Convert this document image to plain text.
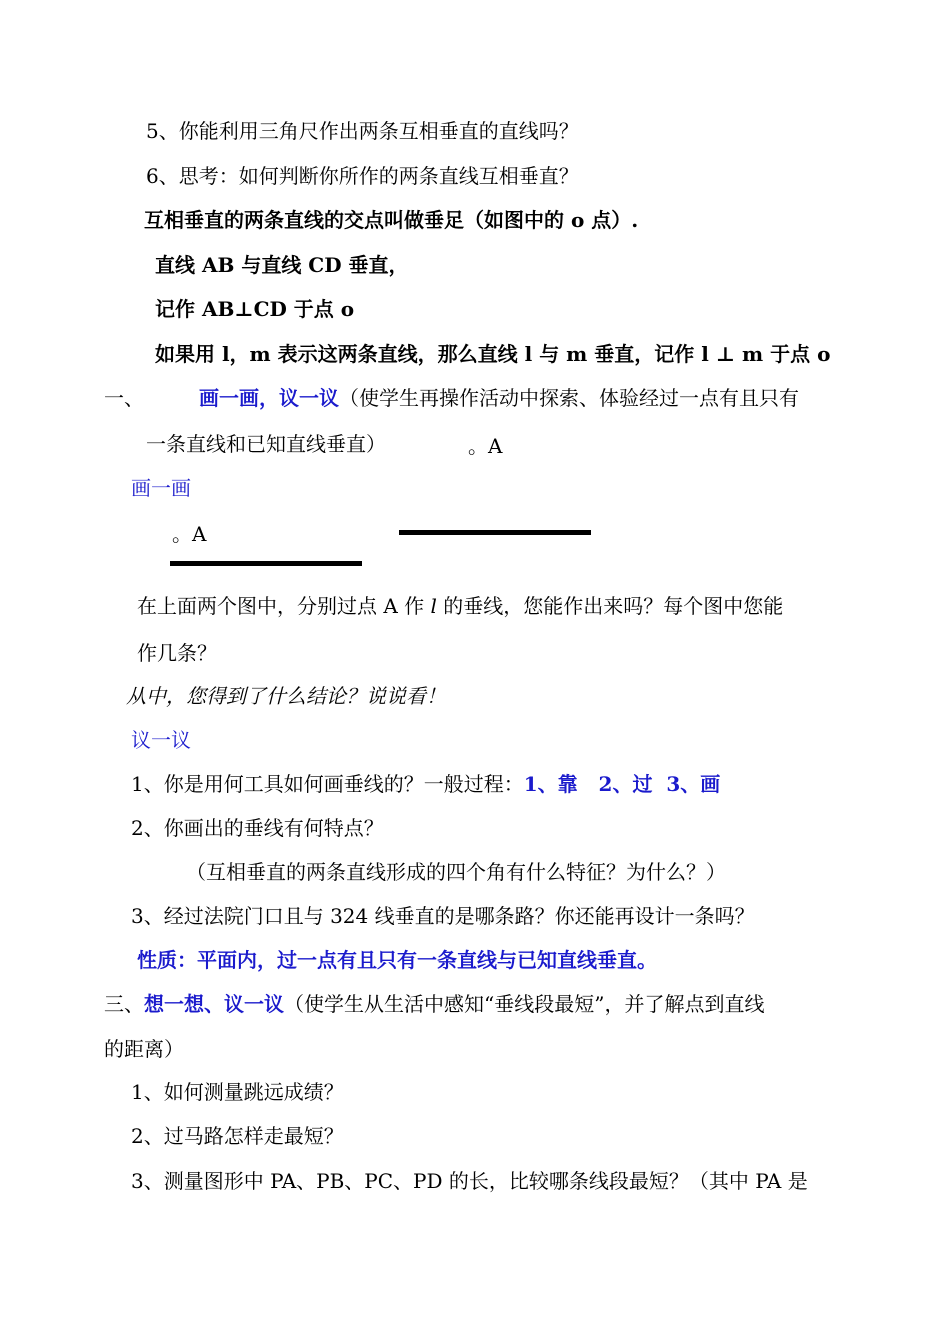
5、你能利用三角尺作出两条互相垂直的直线吗？
6、思考：如何判断你所作的两条直线互相垂直？
互相垂直的两条直线的交点叫做垂足（如图中的 o 点）.
直线 AB 与直线 CD 垂直，
记作 AB⊥CD 于点 o
如果用 l，m 表示这两条直线，那么直线 l 与 m 垂直，记作 l ⊥ m 于点 o
一、	画一画，议一议（使学生再操作活动中探索、体验经过一点有且只有
一条直线和已知直线垂直）	。A
画一画
。A
在上面两个图中，分别过点 A 作 l 的垂线，您能作出来吗？每个图中您能
作几条？
从中，您得到了什么结论？说说看！
议一议
1、你是用何工具如何画垂线的？一般过程：1、靠   2、过  3、画
2、你画出的垂线有何特点？
（互相垂直的两条直线形成的四个角有什么特征？为什么？）
3、经过法院门口且与 324 线垂直的是哪条路？你还能再设计一条吗？
性质：平面内，过一点有且只有一条直线与已知直线垂直。
三、想一想、议一议（使学生从生活中感知“垂线段最短”，并了解点到直线
的距离）
1、如何测量跳远成绩？
2、过马路怎样走最短？
3、测量图形中 PA、PB、PC、PD 的长，比较哪条线段最短？（其中 PA 是
